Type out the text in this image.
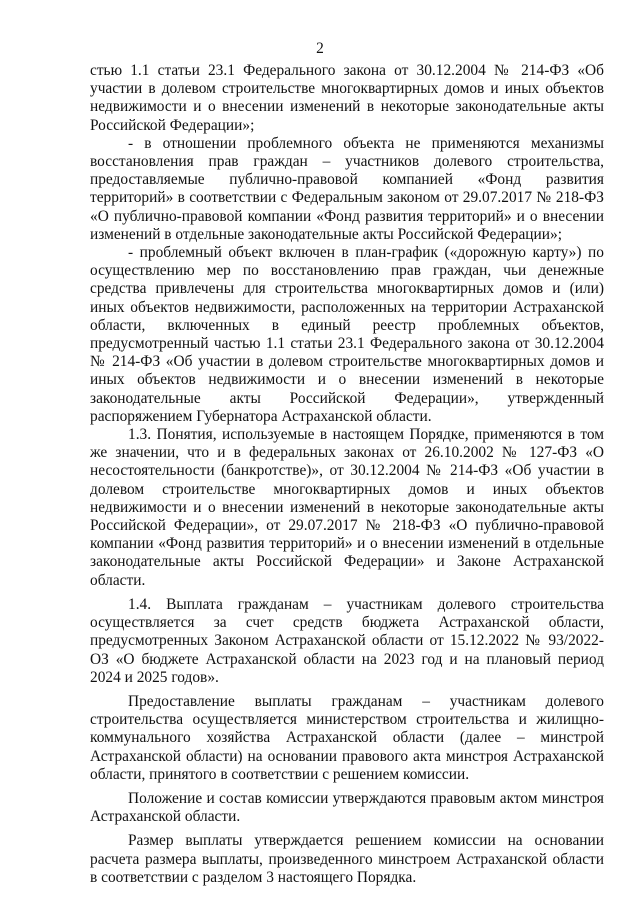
2

стью 1.1 статьи 23.1 Федерального закона от 30.12.2004 № 214-ФЗ «Об участии в долевом строительстве многоквартирных домов и иных объектов недвижимости и о внесении изменений в некоторые законодательные акты Российской Федерации»;

- в отношении проблемного объекта не применяются механизмы восстановления прав граждан – участников долевого строительства, предоставляемые публично-правовой компанией «Фонд развития территорий» в соответствии с Федеральным законом от 29.07.2017 № 218-ФЗ «О публично-правовой компании «Фонд развития территорий» и о внесении изменений в отдельные законодательные акты Российской Федерации»;

- проблемный объект включен в план-график («дорожную карту») по осуществлению мер по восстановлению прав граждан, чьи денежные средства привлечены для строительства многоквартирных домов и (или) иных объектов недвижимости, расположенных на территории Астраханской области, включенных в единый реестр проблемных объектов, предусмотренный частью 1.1 статьи 23.1 Федерального закона от 30.12.2004 № 214-ФЗ «Об участии в долевом строительстве многоквартирных домов и иных объектов недвижимости и о внесении изменений в некоторые законодательные акты Российской Федерации», утвержденный распоряжением Губернатора Астраханской области.

1.3. Понятия, используемые в настоящем Порядке, применяются в том же значении, что и в федеральных законах от 26.10.2002 № 127-ФЗ «О несостоятельности (банкротстве)», от 30.12.2004 № 214-ФЗ «Об участии в долевом строительстве многоквартирных домов и иных объектов недвижимости и о внесении изменений в некоторые законодательные акты Российской Федерации», от 29.07.2017 № 218-ФЗ «О публично-правовой компании «Фонд развития территорий» и о внесении изменений в отдельные законодательные акты Российской Федерации» и Законе Астраханской области.

1.4. Выплата гражданам – участникам долевого строительства осуществляется за счет средств бюджета Астраханской области, предусмотренных Законом Астраханской области от 15.12.2022 № 93/2022-ОЗ «О бюджете Астраханской области на 2023 год и на плановый период 2024 и 2025 годов».

Предоставление выплаты гражданам – участникам долевого строительства осуществляется министерством строительства и жилищно-коммунального хозяйства Астраханской области (далее – минстрой Астраханской области) на основании правового акта минстроя Астраханской области, принятого в соответствии с решением комиссии.

Положение и состав комиссии утверждаются правовым актом минстроя Астраханской области.

Размер выплаты утверждается решением комиссии на основании расчета размера выплаты, произведенного минстроем Астраханской области в соответствии с разделом 3 настоящего Порядка.
